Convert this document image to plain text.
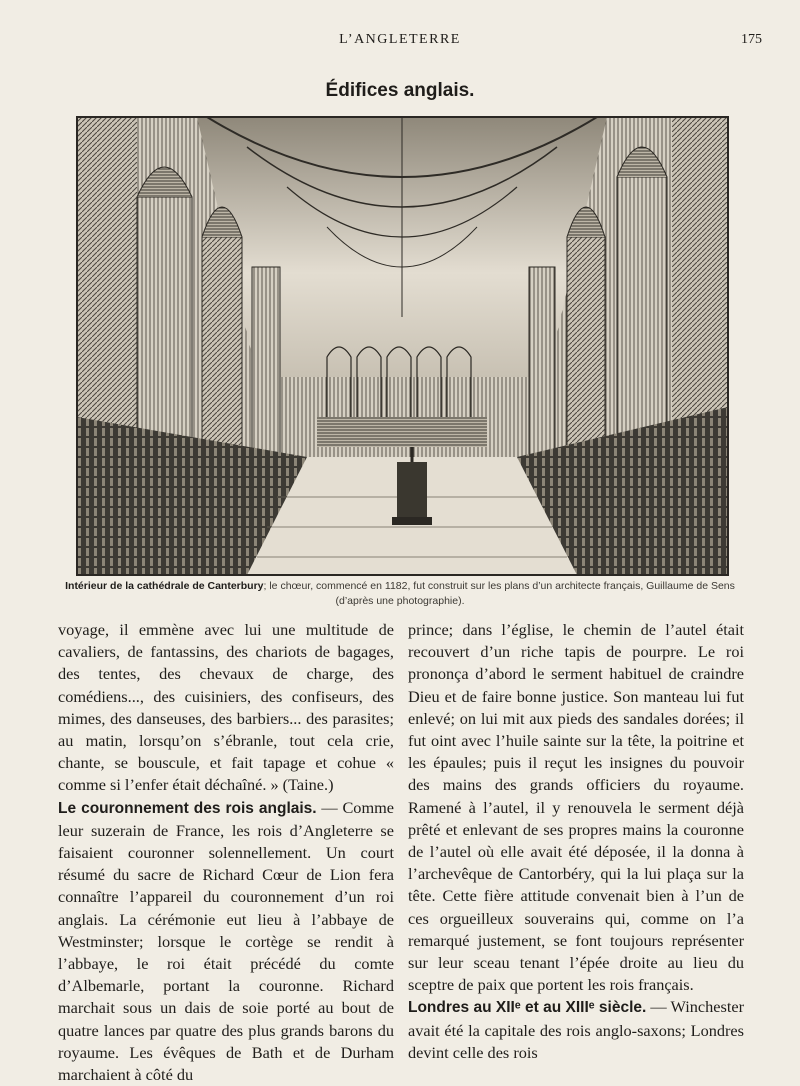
L’ANGLETERRE	175
Édifices anglais.
Intérieur de la cathédrale de Canterbury; le chœur, commencé en 1182, fut construit sur les plans d’un architecte français, Guillaume de Sens (d’après une photographie).

voyage, il emmène avec lui une multitude de cavaliers, de fantassins, des chariots de bagages, des tentes, des chevaux de charge, des comédiens..., des cuisiniers, des confiseurs, des mimes, des danseuses, des barbiers... des parasites; au matin, lorsqu’on s’ébranle, tout cela crie, chante, se bouscule, et fait tapage et cohue « comme si l’enfer était déchaîné. » (Taine.)

Le couronnement des rois anglais. — Comme leur suzerain de France, les rois d’Angleterre se faisaient couronner solennellement. Un court résumé du sacre de Richard Cœur de Lion fera connaître l’appareil du couronnement d’un roi anglais. La cérémonie eut lieu à l’abbaye de Westminster; lorsque le cortège se rendit à l’abbaye, le roi était précédé du comte d’Albemarle, portant la couronne. Richard marchait sous un dais de soie porté au bout de quatre lances par quatre des plus grands barons du royaume. Les évêques de Bath et de Durham marchaient à côté du

prince; dans l’église, le chemin de l’autel était recouvert d’un riche tapis de pourpre. Le roi prononça d’abord le serment habituel de craindre Dieu et de faire bonne justice. Son manteau lui fut enlevé; on lui mit aux pieds des sandales dorées; il fut oint avec l’huile sainte sur la tête, la poitrine et les épaules; puis il reçut les insignes du pouvoir des mains des grands officiers du royaume. Ramené à l’autel, il y renouvela le serment déjà prêté et enlevant de ses propres mains la couronne de l’autel où elle avait été déposée, il la donna à l’archevêque de Cantorbéry, qui la lui plaça sur la tête. Cette fière attitude convenait bien à l’un de ces orgueilleux souverains qui, comme on l’a remarqué justement, se font toujours représenter sur leur sceau tenant l’épée droite au lieu du sceptre de paix que portent les rois français.

Londres au XIIᵉ et au XIIIᵉ siècle. — Winchester avait été la capitale des rois anglo-saxons; Londres devint celle des rois
